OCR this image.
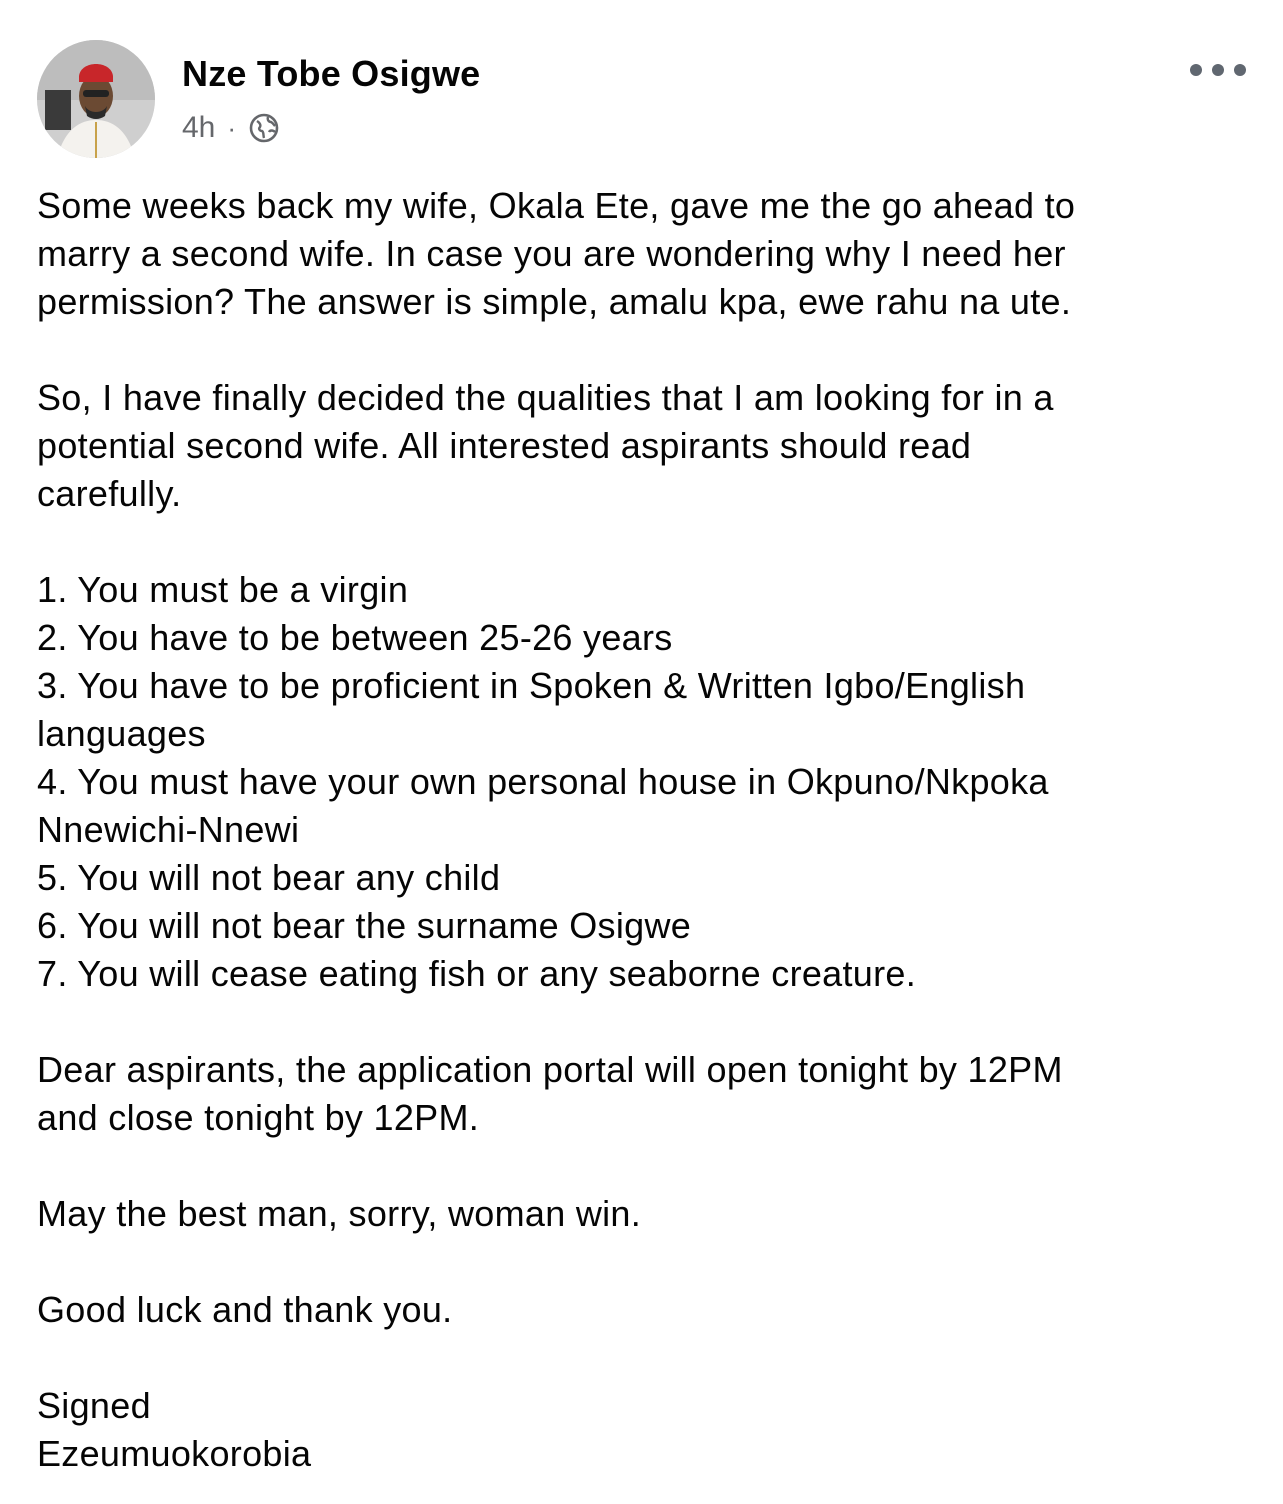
Nze Tobe Osigwe
4h ·

Some weeks back my wife, Okala Ete, gave me the go ahead to

marry a second wife. In case you are wondering why I need her

permission? The answer is simple, amalu kpa, ewe rahu na ute.

So, I have finally decided the qualities that I am looking for in a

potential second wife. All interested aspirants should read

carefully.

1. You must be a virgin

2. You have to be between 25-26 years

3. You have to be proficient in Spoken & Written Igbo/English

languages

4. You must have your own personal house in Okpuno/Nkpoka

Nnewichi-Nnewi

5. You will not bear any child

6. You will not bear the surname Osigwe

7. You will cease eating fish or any seaborne creature.

Dear aspirants, the application portal will open tonight by 12PM

and close tonight by 12PM.

May the best man, sorry, woman win.

Good luck and thank you.

Signed

Ezeumuokorobia
